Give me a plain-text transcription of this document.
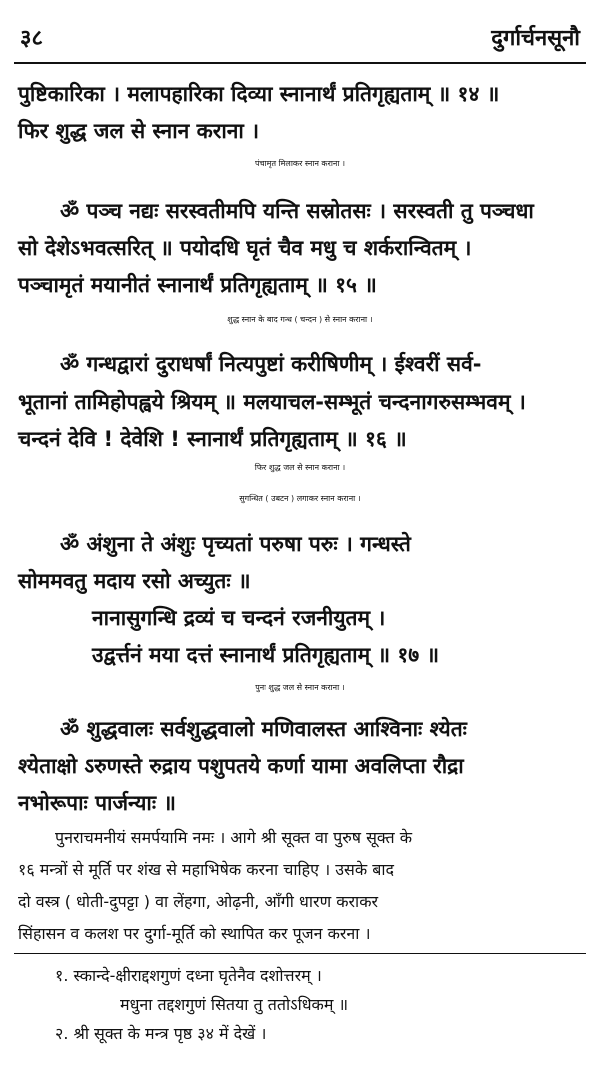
३८	दुर्गार्चनसूनौ
पुष्टिकारिका । मलापहारिका दिव्या स्नानार्थं प्रतिगृह्यताम् ॥ १४ ॥
फिर शुद्ध जल से स्नान कराना ।
पंचामृत मिलाकर स्नान कराना ।
ॐ पञ्च नद्यः सरस्वतीमपि यन्ति सस्रोतसः । सरस्वती तु पञ्चधा
सो देशेऽभवत्सरित् ॥ पयोदधि घृतं चैव मधु च शर्करान्वितम् ।
पञ्चामृतं मयानीतं स्नानार्थं प्रतिगृह्यताम् ॥ १५ ॥
शुद्ध स्नान के बाद गन्ध ( चन्दन ) से स्नान कराना ।
ॐ गन्धद्वारां दुराधर्षां नित्यपुष्टां करीषिणीम् । ईश्वरीं सर्व-
भूतानां तामिहोपह्वये श्रियम् ॥ मलयाचल-सम्भूतं चन्दनागरुसम्भवम् ।
चन्दनं देवि ! देवेशि ! स्नानार्थं प्रतिगृह्यताम् ॥ १६ ॥
फिर शुद्ध जल से स्नान कराना ।
सुगन्धित ( उबटन ) लगाकर स्नान कराना ।
ॐ अंशुना ते अंशुः पृच्यतां परुषा परुः । गन्धस्ते
सोममवतु मदाय रसो अच्युतः ॥
नानासुगन्धि द्रव्यं च चन्दनं रजनीयुतम् ।
उद्वर्त्तनं मया दत्तं स्नानार्थं प्रतिगृह्यताम् ॥ १७ ॥
पुनः शुद्ध जल से स्नान कराना ।
ॐ शुद्धवालः सर्वशुद्धवालो मणिवालस्त आश्विनाः श्येतः
श्येताक्षो ऽरुणस्ते रुद्राय पशुपतये कर्णा यामा अवलिप्ता रौद्रा
नभोरूपाः पार्जन्याः ॥
पुनराचमनीयं समर्पयामि नमः । आगे श्री सूक्त वा पुरुष सूक्त के
१६ मन्त्रों से मूर्ति पर शंख से महाभिषेक करना चाहिए । उसके बाद
दो वस्त्र ( धोती-दुपट्टा ) वा लेंहगा, ओढ़नी, आँगी धारण कराकर
सिंहासन व कलश पर दुर्गा-मूर्ति को स्थापित कर पूजन करना ।
१. स्कान्दे-क्षीराद्दशगुणं दध्ना घृतेनैव दशोत्तरम् ।
मधुना तद्दशगुणं सितया तु ततोऽधिकम् ॥
२. श्री सूक्त के मन्त्र पृष्ठ ३४ में देखें ।
